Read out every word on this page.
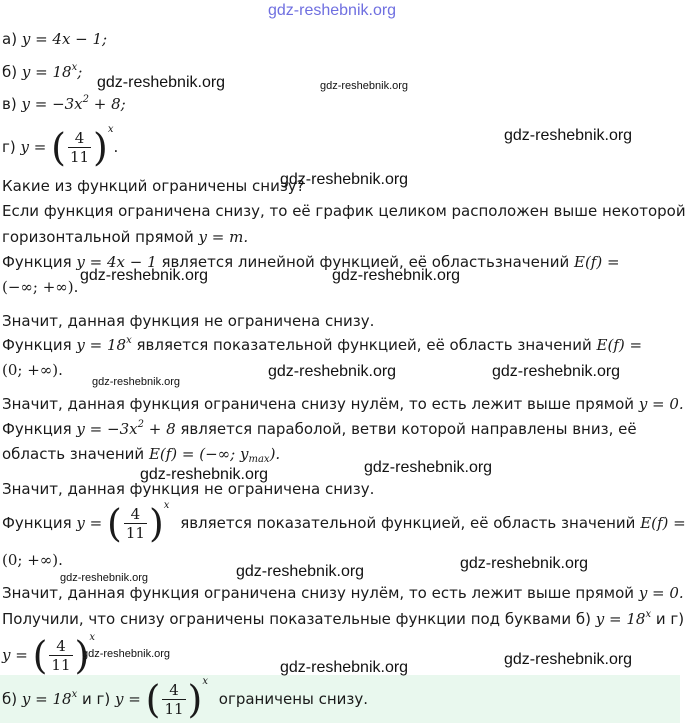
gdz-reshebnik.org
а) y = 4x − 1;
б) $y = 18^x$;
в) $y = -3x^2 + 8$;
г) y = ( $\frac{4}{11} )^x$.
Какие из функций ограничены снизу?
Если функция ограничена снизу, то её график целиком расположен выше некоторой
горизонтальной прямой y = m.
Функция y = 4x − 1 является линейной функцией, её областьзначений E(f) =
(−∞; +∞).
Значит, данная функция не ограничена снизу.
Функция $y = 18^x$ является показательной функцией, её область значений E(f) =
(0; +∞).
Значит, данная функция ограничена снизу нулём, то есть лежит выше прямой y = 0.
Функция $y = -3x^2 + 8$ является параболой, ветви которой направлены вниз, её
область значений E(f) = (−∞; $y_{max}$).
Значит, данная функция не ограничена снизу.
Функция y = ( $\frac{4}{11} )^x$ является показательной функцией, её область значений E(f) =
(0; +∞).
Значит, данная функция ограничена снизу нулём, то есть лежит выше прямой y = 0.
Получили, что снизу ограничены показательные функции под буквами б) $y = 18^x$ и г)
y = ( $\frac{4}{11} )^x$
б) $y = 18^x$ и г) y = ( $\frac{4}{11} )^x$ ограничены снизу.
gdz-reshebnik.org	gdz-reshebnik.org
gdz-reshebnik.org
gdz-reshebnik.org
gdz-reshebnik.org	gdz-reshebnik.org
gdz-reshebnik.org
gdz-reshebnik.org	gdz-reshebnik.org
gdz-reshebnik.org	gdz-reshebnik.org
gdz-reshebnik.org
gdz-reshebnik.org	gdz-reshebnik.org
gdz-reshebnik.org
gdz-reshebnik.org	gdz-reshebnik.org
